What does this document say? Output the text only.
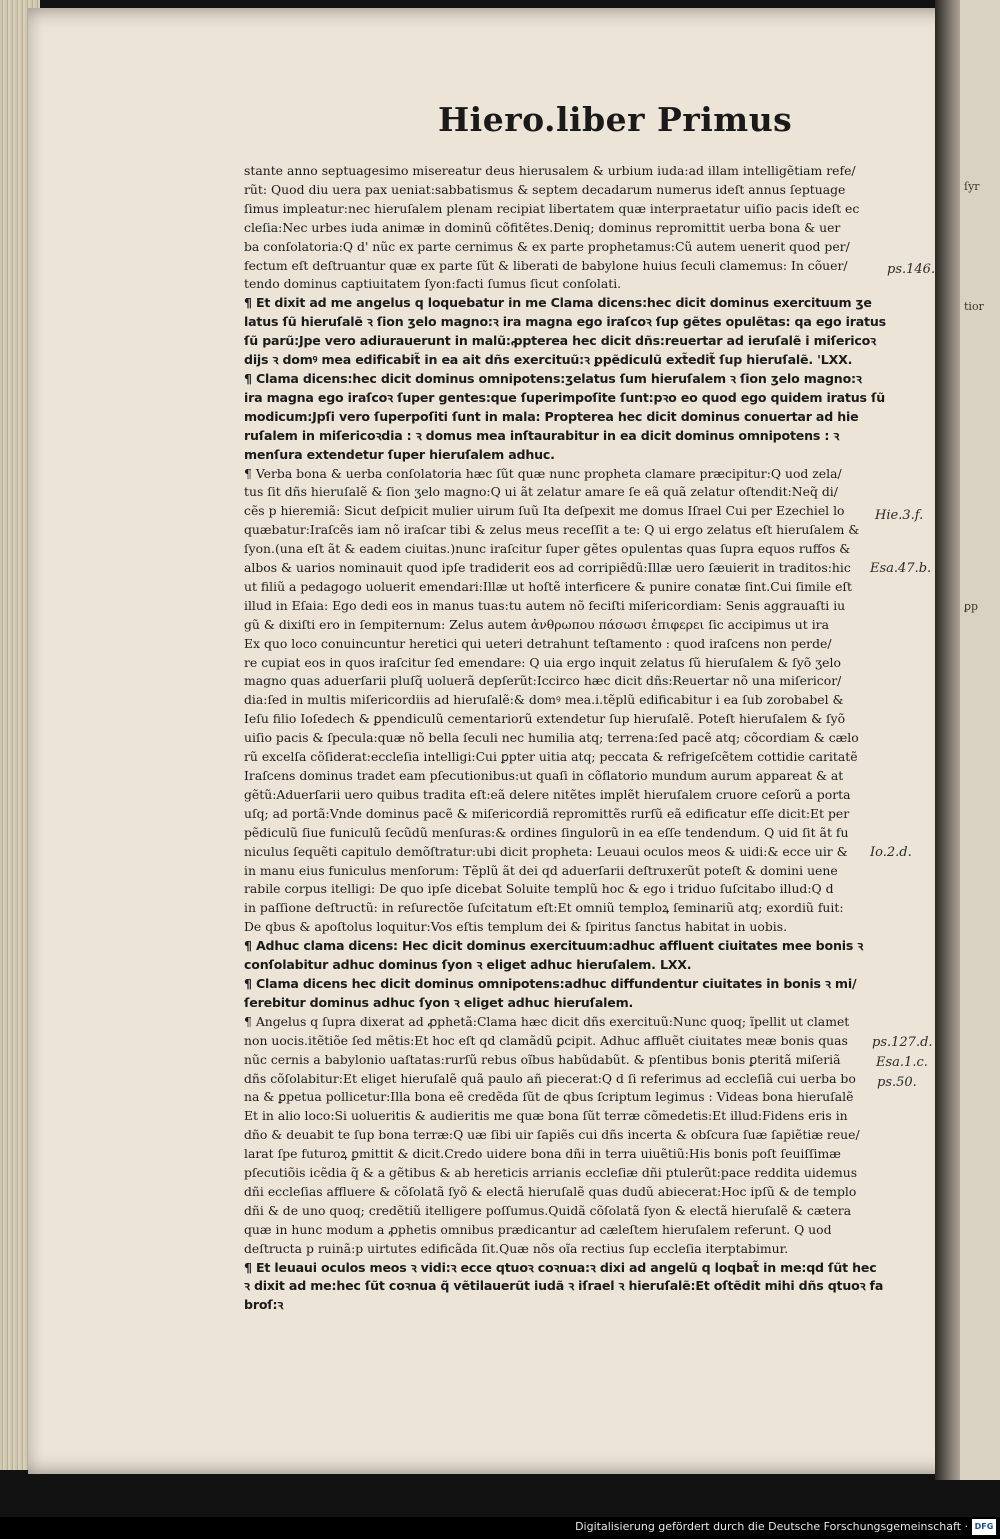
Hiero.liber Primus
ſyr
tior
ꝑp
stante anno septuagesimo misereatur deus hierusalem & urbium iuda:ad illam intelligẽtiam refe/
rũt: Quod diu uera pax ueniat:sabbatismus & septem decadarum numerus ideſt annus ſeptuage
ſimus impleatur:nec hieruſalem plenam recipiat libertatem quæ interpraetatur uiſio pacis ideſt ec
cleſia:Nec urbes iuda animæ in dominũ cõfitẽtes.Deniq; dominus repromittit uerba bona & uer
ba conſolatoria:Q d' nũc ex parte cernimus & ex parte prophetamus:Cũ autem uenerit quod per/
fectum eſt deſtruantur quæ ex parte ſũt & liberati de babylone huius ſeculi clamemus: In cõuer/
tendo dominus captiuitatem ſyon:facti ſumus ſicut conſolati.
¶ Et dixit ad me angelus q loquebatur in me Clama dicens:hec dicit dominus exercituum ʒe
latus ſũ hieruſalẽ ꝛ ſion ʒelo magno:ꝛ ira magna ego iraſcoꝛ ſup gẽtes opulẽtas: qa ego iratus
ſũ parũ:Jpe vero adiurauerunt in malũ:ꝓpterea hec dicit dñs:reuertar ad ieruſalẽ i miſericoꝛ
dijs ꝛ domꝰ mea edificabit̃ in ea ait dñs exercituũ:ꝛ ꝑpẽdiculũ ext̃edit̃ ſup hieruſalẽ. 'LXX.
¶ Clama dicens:hec dicit dominus omnipotens:ʒelatus ſum hieruſalem ꝛ ſion ʒelo magno:ꝛ
ira magna ego iraſcoꝛ ſuper gentes:que ſuperimpoſite ſunt:pꝛo eo quod ego quidem iratus ſũ
modicum:Jpſi vero ſuperpoſiti ſunt in mala: Propterea hec dicit dominus conuertar ad hie
ruſalem in miſericoꝛdia : ꝛ domus mea inſtaurabitur in ea dicit dominus omnipotens : ꝛ
menſura extendetur ſuper hieruſalem adhuc.
¶ Verba bona & uerba conſolatoria hæc ſũt quæ nunc propheta clamare præcipitur:Q uod zela/
tus ſit dñs hieruſalẽ & ſion ʒelo magno:Q ui ãt zelatur amare ſe eã quã zelatur oſtendit:Neq̃ di/
cẽs p hieremiã: Sicut deſpicit mulier uirum ſuũ Ita deſpexit me domus Iſrael Cui per Ezechiel lo
quæbatur:Iraſcẽs iam nõ iraſcar tibi & zelus meus receſſit a te: Q ui ergo zelatus eſt hieruſalem &
ſyon.(una eſt ãt & eadem ciuitas.)nunc iraſcitur ſuper gẽtes opulentas quas ſupra equos ruffos &
albos & uarios nominauit quod ipſe tradiderit eos ad corripiẽdũ:Illæ uero ſæuierit in traditos:hic
ut filiũ a pedagogo uoluerit emendari:Illæ ut hoſtẽ interficere & punire conatæ ſint.Cui ſimile eſt
illud in Eſaia: Ego dedi eos in manus tuas:tu autem nõ feciſti miſericordiam: Senis aggrauaſti iu
gũ & dixiſti ero in ſempiternum: Zelus autem ἀνθρωπου πάσωσι ἐπιφερει ſic accipimus ut ira
Ex quo loco conuincuntur heretici qui ueteri detrahunt teſtamento : quod iraſcens non perde/
re cupiat eos in quos iraſcitur ſed emendare: Q uia ergo inquit zelatus ſũ hieruſalem & ſyõ ʒelo
magno quas aduerſarii pluſq̃ uoluerã depſerũt:Iccirco hæc dicit dñs:Reuertar nõ una miſericor/
dia:ſed in multis miſericordiis ad hieruſalẽ:& domꝰ mea.i.tẽplũ edificabitur i ea ſub zorobabel &
Ieſu filio Ioſedech & ꝑpendiculũ cementariorũ extendetur ſup hieruſalẽ. Poteſt hieruſalem & ſyõ
uiſio pacis & ſpecula:quæ nõ bella ſeculi nec humilia atq; terrena:ſed pacẽ atq; cõcordiam & cælo
rũ excelſa cõſiderat:eccleſia intelligi:Cui ꝑpter uitia atq; peccata & refrigeſcẽtem cottidie caritatẽ
Iraſcens dominus tradet eam pſecutionibus:ut quaſi in cõflatorio mundum aurum appareat & at
gẽtũ:Aduerſarii uero quibus tradita eſt:eã delere nitẽtes implẽt hieruſalem cruore ceſorũ a porta
uſq; ad portã:Vnde dominus pacẽ & miſericordiã repromittẽs rurſũ eã edificatur eſſe dicit:Et per
pẽdiculũ ſiue funiculũ ſecũdũ menſuras:& ordines ſingulorũ in ea eſſe tendendum. Q uid ſit ãt fu
niculus ſequẽti capitulo demõſtratur:ubi dicit propheta: Leuaui oculos meos & uidi:& ecce uir &
in manu eius funiculus menſorum: Tẽplũ ãt dei qd aduerſarii deſtruxerũt poteſt & domini uene
rabile corpus itelligi: De quo ipſe dicebat Soluite templũ hoc & ego i triduo ſuſcitabo illud:Q d
in paſſione deſtructũ: in reſurectõe ſuſcitatum eſt:Et omniũ temploꝝ ſeminariũ atq; exordiũ fuit:
De qbus & apoſtolus loquitur:Vos eſtis templum dei & ſpiritus ſanctus habitat in uobis.
¶ Adhuc clama dicens: Hec dicit dominus exercituum:adhuc affluent ciuitates mee bonis ꝛ
conſolabitur adhuc dominus ſyon ꝛ eliget adhuc hieruſalem. LXX.
¶ Clama dicens hec dicit dominus omnipotens:adhuc diffundentur ciuitates in bonis ꝛ mi/
ſerebitur dominus adhuc ſyon ꝛ eliget adhuc hieruſalem.
¶ Angelus q ſupra dixerat ad ꝓphetã:Clama hæc dicit dñs exercituũ:Nunc quoq; ĩpellit ut clamet
non uocis.itẽtiõe ſed mẽtis:Et hoc eſt qd clamãdũ ꝑcipit. Adhuc affluẽt ciuitates meæ bonis quas
nũc cernis a babylonio uaſtatas:rurſũ rebus oĩbus habũdabũt. & pſentibus bonis ꝑteritã miſeriã
dñs cõſolabitur:Et eliget hieruſalẽ quã paulo añ piecerat:Q d ſi referimus ad eccleſiã cui uerba bo
na & ꝑpetua pollicetur:Illa bona eẽ credẽda ſũt de qbus ſcriptum legimus : Videas bona hieruſalẽ
Et in alio loco:Si uolueritis & audieritis me quæ bona ſũt terræ cõmedetis:Et illud:Fidens eris in
dño & deuabit te ſup bona terræ:Q uæ ſibi uir ſapiẽs cui dñs incerta & obſcura ſuæ ſapiẽtiæ reue/
larat ſpe futuroꝝ ꝑmittit & dicit.Credo uidere bona dñi in terra uiuẽtiũ:His bonis poſt ſeuiſſimæ
pſecutiõis icẽdia q̃ & a gẽtibus & ab hereticis arrianis eccleſiæ dñi ptulerũt:pace reddita uidemus
dñi eccleſias affluere & cõſolatã ſyõ & electã hieruſalẽ quas dudũ abiecerat:Hoc ipſũ & de templo
dñi & de uno quoq; credẽtiũ itelligere poſſumus.Quidã cõſolatã ſyon & electã hieruſalẽ & cætera
quæ in hunc modum a ꝓphetis omnibus prædicantur ad cæleſtem hieruſalem referunt. Q uod
deſtructa p ruinã:p uirtutes edificãda ſit.Quæ nõs oĩa rectius ſup eccleſia iterptabimur.
¶ Et leuaui oculos meos ꝛ vidi:ꝛ ecce qtuoꝛ coꝛnua:ꝛ dixi ad angelũ q loqbat̃ in me:qd ſũt hec
ꝛ dixit ad me:hec ſũt coꝛnua q̃ vẽtilauerũt iudã ꝛ iſrael ꝛ hieruſalẽ:Et oſtẽdit mihi dñs qtuoꝛ fa
broſ:ꝛ
ps.146.
Hie.3.f.
Esa.47.b.
Io.2.d.
ps.127.d.
Esa.1.c.
ps.50.
Digitalisierung gefördert durch die Deutsche Forschungsgemeinschaft · DFG
